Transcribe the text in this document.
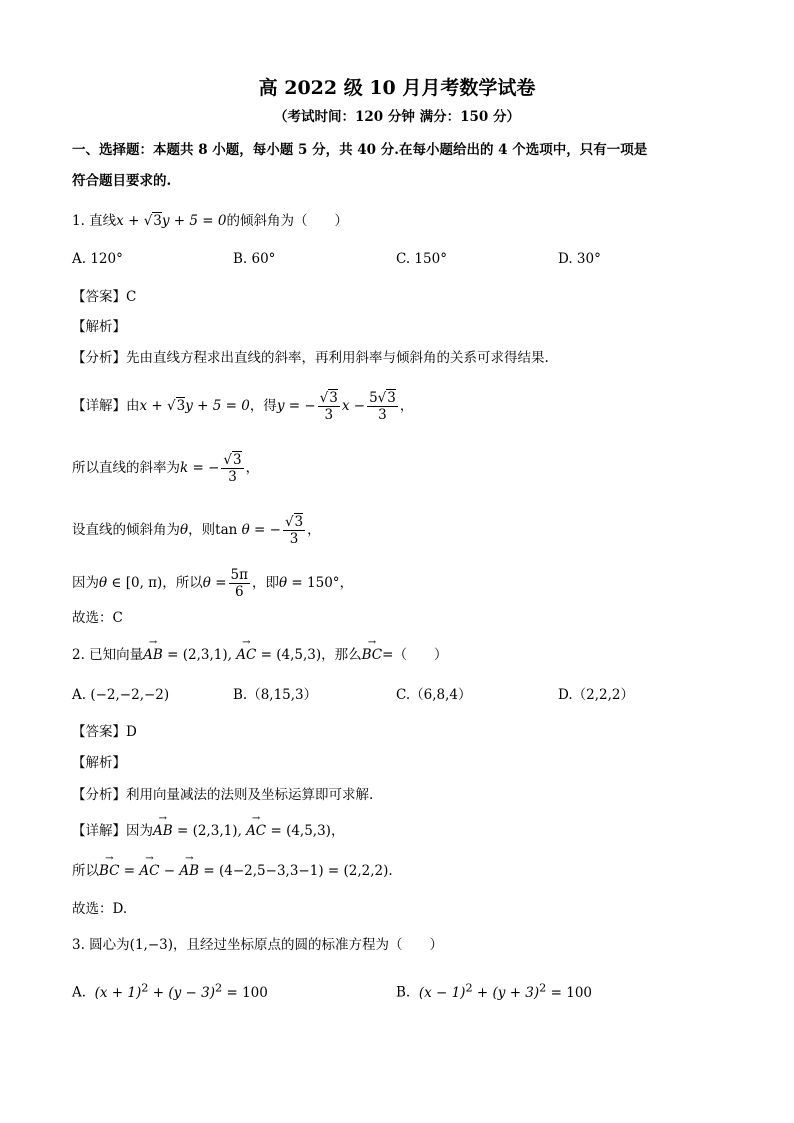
高 2022 级 10 月月考数学试卷
（考试时间：120 分钟 满分：150 分）
一、选择题：本题共 8 小题，每小题 5 分，共 40 分.在每小题给出的 4 个选项中，只有一项是
符合题目要求的.
1. 直线x + √3y + 5 = 0的倾斜角为（　　）
A. 120°	B. 60°	C. 150°	D. 30°
【答案】C
【解析】
【分析】先由直线方程求出直线的斜率，再利用斜率与倾斜角的关系可求得结果.
【详解】由x + √3y + 5 = 0，得y = − $\frac{√3}{3}$ $x - \frac{5√3}{3}$ ，
所以直线的斜率为k = − $\frac{√3}{3}$ ，
设直线的倾斜角为θ，则tan θ = − $\frac{√3}{3}$ ，
因为θ ∈ [0, π)，所以$\theta = \frac{5\pi}{6}$ ，即θ = 150°，
故选：C
2. 已知向量→ AB = (2,3,1), → AC = (4,5,3)，那么→ BC=（　　）
A. (−2,−2,−2)	B.（8,15,3）	C.（6,8,4）	D.（2,2,2）
【答案】D
【解析】
【分析】利用向量减法的法则及坐标运算即可求解.
【详解】因为→ AB = (2,3,1), → AC = (4,5,3)，
所以→ BC = → AC − → AB = (4−2,5−3,3−1) = (2,2,2).
故选：D.
3. 圆心为(1,−3)，且经过坐标原点的圆的标准方程为（　　）
A. $(x + 1)^2 + (y - 3)^2 = 100$	B. $(x - 1)^2 + (y + 3)^2 = 100$
